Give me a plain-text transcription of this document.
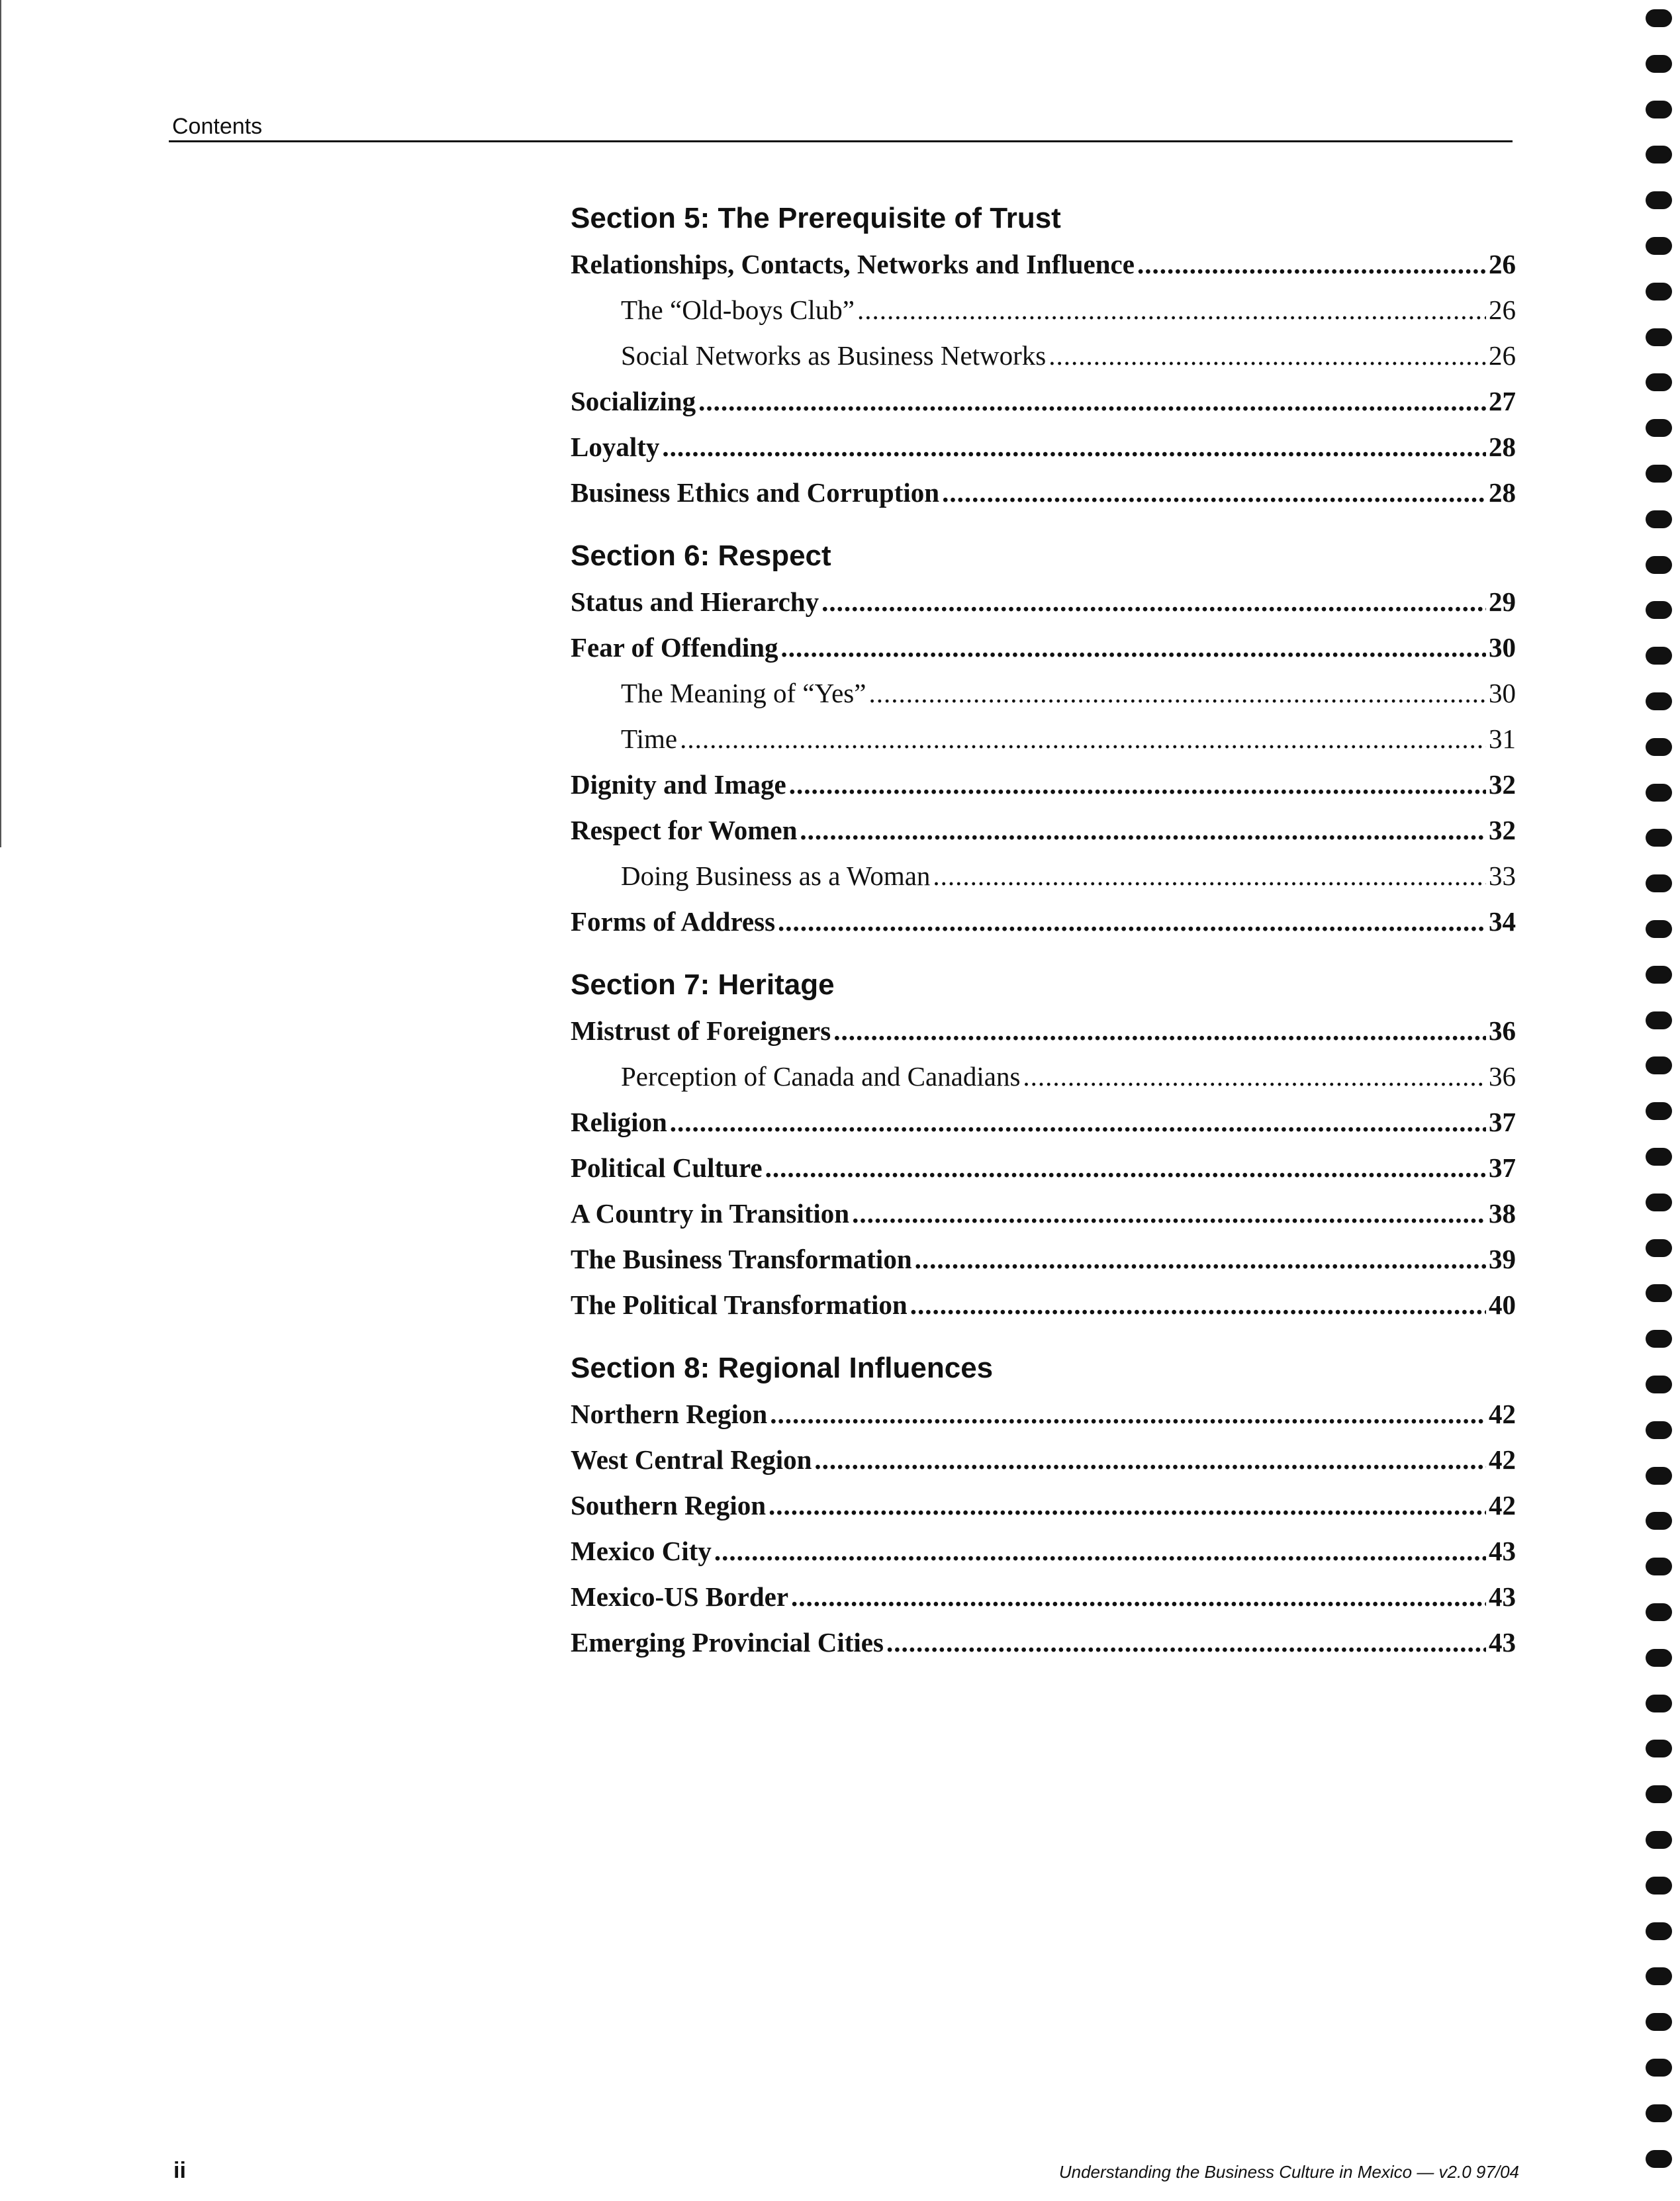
Contents
Section 5: The Prerequisite of Trust
Relationships, Contacts, Networks and Influence .....	26
The “Old-boys Club” .....	26
Social Networks as Business Networks .....	26
Socializing .....	27
Loyalty .....	28
Business Ethics and Corruption .....	28
Section 6: Respect
Status and Hierarchy .....	29
Fear of Offending .....	30
The Meaning of “Yes” .....	30
Time .....	31
Dignity and Image .....	32
Respect for Women .....	32
Doing Business as a Woman .....	33
Forms of Address .....	34
Section 7: Heritage
Mistrust of Foreigners .....	36
Perception of Canada and Canadians .....	36
Religion .....	37
Political Culture .....	37
A Country in Transition .....	38
The Business Transformation .....	39
The Political Transformation .....	40
Section 8: Regional Influences
Northern Region .....	42
West Central Region .....	42
Southern Region .....	42
Mexico City .....	43
Mexico-US Border .....	43
Emerging Provincial Cities .....	43
ii	Understanding the Business Culture in Mexico — v2.0 97/04
